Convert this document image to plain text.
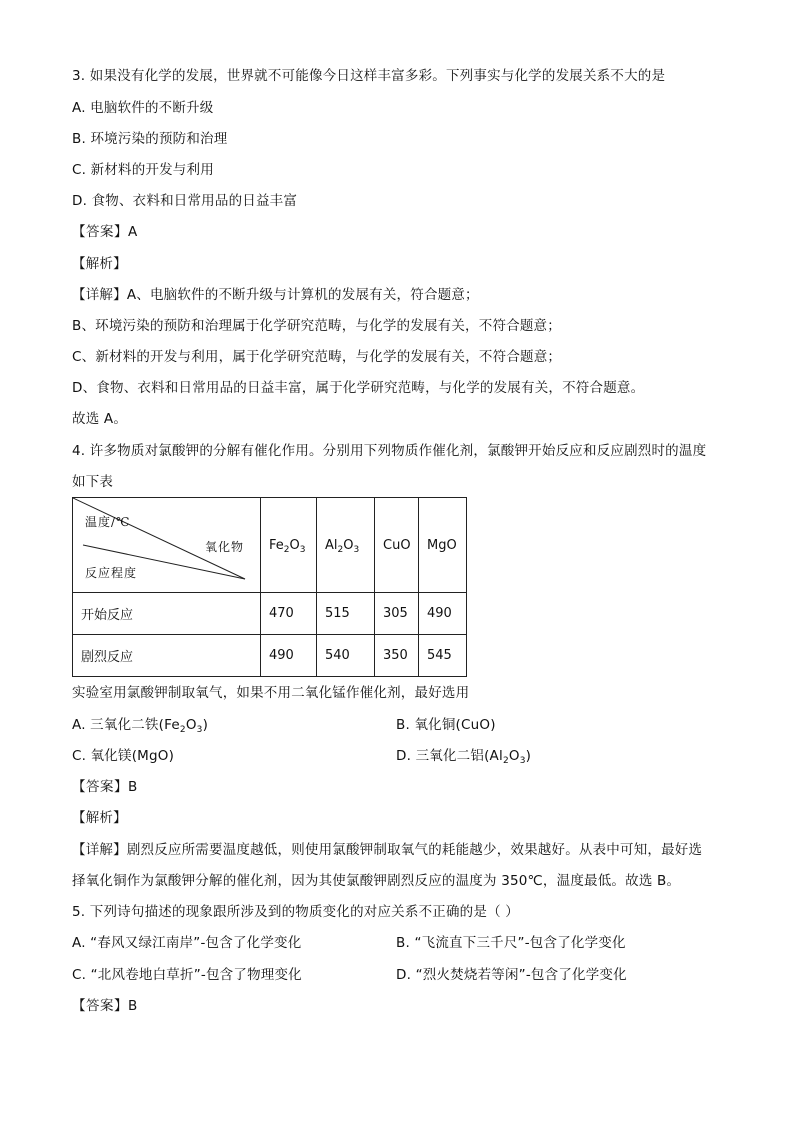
3. 如果没有化学的发展，世界就不可能像今日这样丰富多彩。下列事实与化学的发展关系不大的是
A. 电脑软件的不断升级
B. 环境污染的预防和治理
C. 新材料的开发与利用
D. 食物、衣料和日常用品的日益丰富
【答案】A
【解析】
【详解】A、电脑软件的不断升级与计算机的发展有关，符合题意；
B、环境污染的预防和治理属于化学研究范畴，与化学的发展有关，不符合题意；
C、新材料的开发与利用，属于化学研究范畴，与化学的发展有关，不符合题意；
D、食物、衣料和日常用品的日益丰富，属于化学研究范畴，与化学的发展有关，不符合题意。
故选 A。
4. 许多物质对氯酸钾的分解有催化作用。分别用下列物质作催化剂，氯酸钾开始反应和反应剧烈时的温度
如下表
温度/℃
氧化物
反应程度	$Fe_2O_3$	$Al_2O_3$	CuO	MgO
开始反应	470	515	305	490
剧烈反应	490	540	350	545
实验室用氯酸钾制取氧气，如果不用二氧化锰作催化剂，最好选用
A. 三氧化二铁$(Fe_2O_3)$	B. 氧化铜(CuO)
C. 氧化镁(MgO)	D. 三氧化二铝$(Al_2O_3)$
【答案】B
【解析】
【详解】剧烈反应所需要温度越低，则使用氯酸钾制取氧气的耗能越少，效果越好。从表中可知，最好选
择氧化铜作为氯酸钾分解的催化剂，因为其使氯酸钾剧烈反应的温度为 350℃，温度最低。故选 B。
5. 下列诗句描述的现象跟所涉及到的物质变化的对应关系不正确的是（ ）
A. “春风又绿江南岸”-包含了化学变化	B. “飞流直下三千尺”-包含了化学变化
C. “北风卷地白草折”-包含了物理变化	D. “烈火焚烧若等闲”-包含了化学变化
【答案】B
